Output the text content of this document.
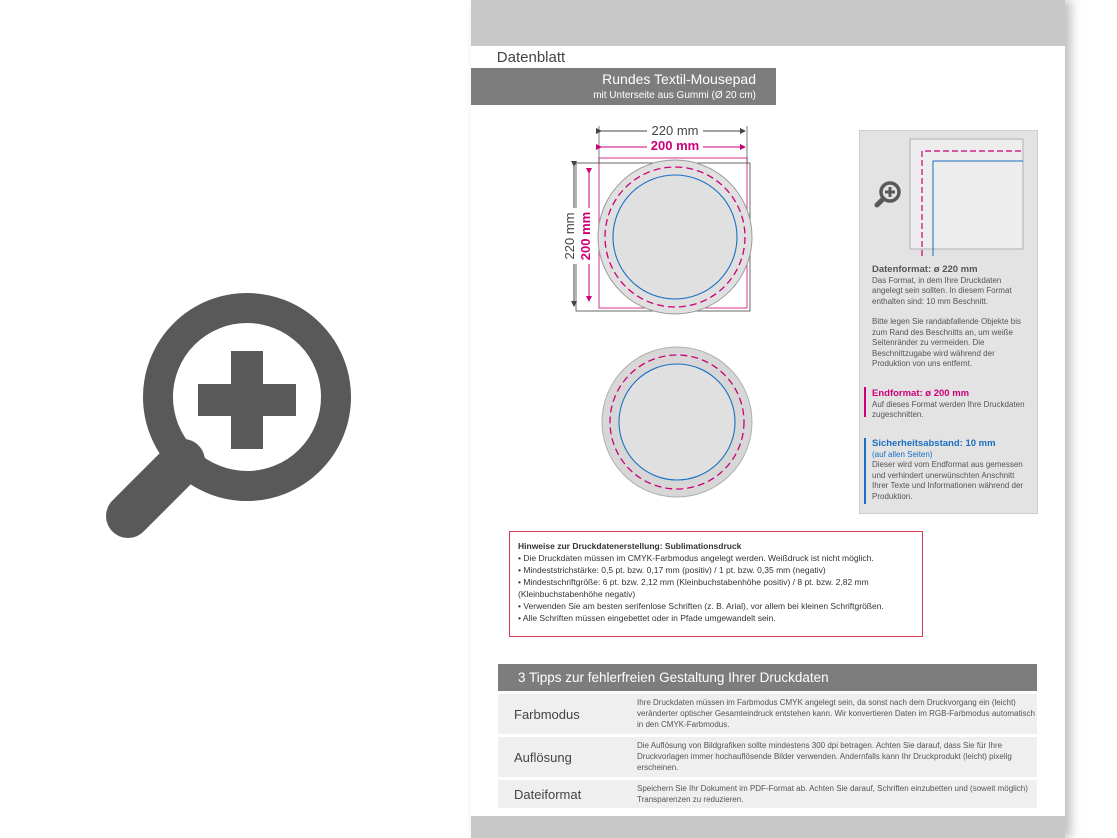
Datenblatt
Rundes Textil-Mousepad
mit Unterseite aus Gummi (Ø 20 cm)
220 mm
200 mm
220 mm 200 mm
Datenformat: ø 220 mm
Das Format, in dem Ihre Druckdaten angelegt sein sollten. In diesem Format enthalten sind: 10 mm Beschnitt.
Bitte legen Sie randabfallende Objekte bis zum Rand des Beschnitts an, um weiße Seitenränder zu vermeiden. Die Beschnittzugabe wird während der Produktion von uns entfernt.
Endformat: ø 200 mm
Auf dieses Format werden Ihre Druckdaten zugeschnitten.
Sicherheitsabstand: 10 mm
(auf allen Seiten)
Dieser wird vom Endformat aus gemessen und verhindert unerwünschten Anschnitt Ihrer Texte und Informationen während der Produktion.
Hinweise zur Druckdatenerstellung: Sublimationsdruck
• Die Druckdaten müssen im CMYK-Farbmodus angelegt werden. Weißdruck ist nicht möglich.
• Mindeststrichstärke: 0,5 pt. bzw. 0,17 mm (positiv) / 1 pt. bzw. 0,35 mm (negativ)
• Mindestschriftgröße: 6 pt. bzw. 2,12 mm (Kleinbuchstabenhöhe positiv) / 8 pt. bzw. 2,82 mm
(Kleinbuchstabenhöhe negativ)
• Verwenden Sie am besten serifenlose Schriften (z. B. Arial), vor allem bei kleinen Schriftgrößen.
• Alle Schriften müssen eingebettet oder in Pfade umgewandelt sein.
3 Tipps zur fehlerfreien Gestaltung Ihrer Druckdaten
Farbmodus
Ihre Druckdaten müssen im Farbmodus CMYK angelegt sein, da sonst nach dem Druckvorgang ein (leicht) veränderter optischer Gesamteindruck entstehen kann. Wir konvertieren Daten im RGB-Farbmodus automatisch in den CMYK-Farbmodus.
Auflösung
Die Auflösung von Bildgrafiken sollte mindestens 300 dpi betragen. Achten Sie darauf, dass Sie für Ihre Druckvorlagen immer hochauflösende Bilder verwenden. Andernfalls kann Ihr Druckprodukt (leicht) pixelig erscheinen.
Dateiformat	Speichern Sie Ihr Dokument im PDF-Format ab. Achten Sie darauf, Schriften einzubetten und (soweit möglich) Transparenzen zu reduzieren.
